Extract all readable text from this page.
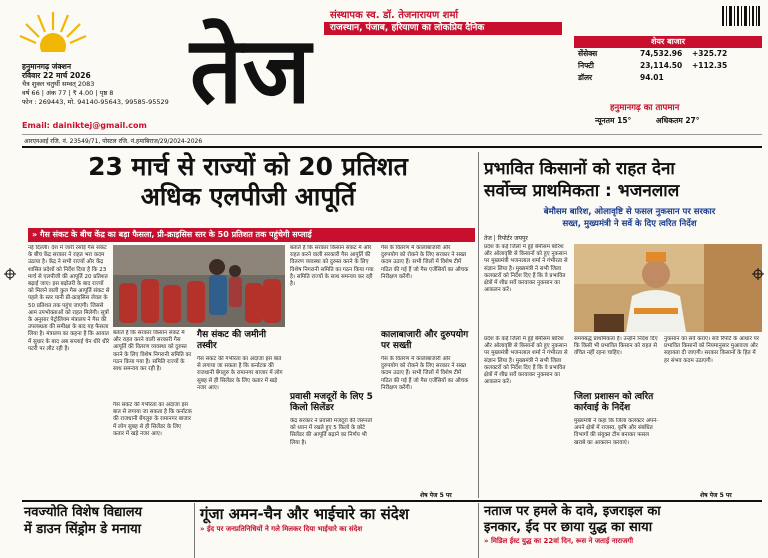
हनुमानगढ़ जंक्शन
रविवार 22 मार्च 2026
चैत्र शुक्ल चतुर्थी सम्वत् 2083
वर्ष 66 | अंक 77 | ₹ 4.00 | पृष्ठ 8
फोन : 269443, मो. 94140-95643, 99585-95529
Email: dainiktej@gmail.com
संस्थापक स्व. डॉ. तेजनारायण शर्मा
राजस्थान, पंजाब, हरियाणा का लोकप्रिय दैनिक
तेज	शेयर बाजार
सेंसेक्स	74,532.96	+325.72
निफ्टी	23,114.50	+112.35
डॉलर	94.01
हनुमानगढ़ का तापमान
न्यूनतम 15°	अधिकतम 27°
आरएनआई रजि. नं. 23549/71, पोस्टल रजि. नं.हमाबिराज/29/2024-2026
23 मार्च से राज्यों को 20 प्रतिशत
अधिक एलपीजी आपूर्ति
» गैस संकट के बीच केंद्र का बड़ा फैसला, प्री-क्राइसिस स्तर के 50 प्रतिशत तक पहुंचेगी सप्लाई

नई दिल्ली। देश में जारी रसोई गैस संकट के बीच केंद्र सरकार ने राहत भरा कदम उठाया है। केंद्र ने सभी राज्यों और केंद्र शासित प्रदेशों को निर्देश दिया है कि 23 मार्च से एलपीजी की आपूर्ति 20 प्रतिशत बढ़ाई जाए। इस बढ़ोतरी के बाद राज्यों को मिलने वाली कुल गैस आपूर्ति संकट से पहले के स्तर यानी प्री-क्राइसिस लेवल के 50 प्रतिशत तक पहुंच जाएगी। जिससे आम उपभोक्ताओं को राहत मिलेगी। सूत्रों के अनुसार पेट्रोलियम मंत्रालय ने गैस की उपलब्धता की समीक्षा के बाद यह फैसला लिया है। मंत्रालय का कहना है कि आयात में सुधार के बाद अब सप्लाई चेन धीरे धीरे पटरी पर लौट रही है।

बताते हैं कि सरकार किसान संकट में और राहत करने वाली सरकारी गैस आपूर्ति की वितरण व्यवस्था को दुरुस्त करने के लिए विशेष निगरानी समिति का गठन किया गया है। समिति राज्यों के साथ समन्वय कर रही है।

गैस संकट की जमीनी तस्वीर

गैस संकट की गंभीरता का अंदाजा इस बात से लगाया जा सकता है कि कर्नाटक की राजधानी बेंगलुरु के रामानगर बाजार में लोग सुबह से ही सिलेंडर के लिए कतार में खड़े नजर आए।

गैस संकट की गंभीरता का अंदाजा इस बात से लगाया जा सकता है कि कर्नाटक की राजधानी बेंगलुरु के रामानगर बाजार में लोग सुबह से ही सिलेंडर के लिए कतार में खड़े नजर आए।

बताते हैं कि सरकार किसान संकट में और राहत करने वाली सरकारी गैस आपूर्ति की वितरण व्यवस्था को दुरुस्त करने के लिए विशेष निगरानी समिति का गठन किया गया है। समिति राज्यों के साथ समन्वय कर रही है।

प्रवासी मजदूरों के लिए 5 किलो सिलेंडर

केंद्र सरकार ने प्रवासी मजदूरों की जरूरतों को ध्यान में रखते हुए 5 किलो के छोटे सिलेंडर की आपूर्ति बढ़ाने का निर्णय भी लिया है।

गैस के वितरण में कालाबाजारी और दुरुपयोग को रोकने के लिए सरकार ने सख्त कदम उठाए हैं। सभी जिलों में विशेष टीमें गठित की गई हैं जो गैस एजेंसियों का औचक निरीक्षण करेंगी।

कालाबाजारी और दुरुपयोग पर सख्ती

गैस के वितरण में कालाबाजारी और दुरुपयोग को रोकने के लिए सरकार ने सख्त कदम उठाए हैं। सभी जिलों में विशेष टीमें गठित की गई हैं जो गैस एजेंसियों का औचक निरीक्षण करेंगी।

शेष पेज 5 पर
प्रभावित किसानों को राहत देना
सर्वोच्च प्राथमिकता : भजनलाल
बेमौसम बारिश, ओलावृष्टि से फसल नुकसान पर सरकार
सख्त, मुख्यमंत्री ने सर्वे के दिए त्वरित निर्देश
तेज | रिपोर्टर जयपुर

प्रदेश के कई जिलों में हुई बेमौसम बारिश और ओलावृष्टि से किसानों को हुए नुकसान पर मुख्यमंत्री भजनलाल शर्मा ने गंभीरता से संज्ञान लिया है। मुख्यमंत्री ने सभी जिला कलक्टरों को निर्देश दिए हैं कि वे प्रभावित क्षेत्रों में शीघ्र सर्वे करवाकर नुकसान का आकलन करें।

समयबद्ध प्राथमिकता है। उन्होंने निर्देश दिए कि किसी भी प्रभावित किसान को राहत से वंचित नहीं रहना चाहिए।

नुकसान का सर्वे कराएं। सर्वे रिपोर्ट के आधार पर प्रभावित किसानों को नियमानुसार मुआवजा और सहायता दी जाएगी। सरकार किसानों के हित में हर संभव कदम उठाएगी।

प्रदेश के कई जिलों में हुई बेमौसम बारिश और ओलावृष्टि से किसानों को हुए नुकसान पर मुख्यमंत्री भजनलाल शर्मा ने गंभीरता से संज्ञान लिया है। मुख्यमंत्री ने सभी जिला कलक्टरों को निर्देश दिए हैं कि वे प्रभावित क्षेत्रों में शीघ्र सर्वे करवाकर नुकसान का आकलन करें।

जिला प्रशासन को त्वरित कार्रवाई के निर्देश

मुख्यमंत्री ने कहा कि जिला कलक्टर अपने-अपने क्षेत्रों में राजस्व, कृषि और संबंधित विभागों की संयुक्त टीम बनाकर फसल खराबे का आकलन करवाएं।

शेष पेज 5 पर
नवज्योति विशेष विद्यालय
में डाउन सिंड्रोम डे मनाया
गूंजा अमन-चैन और भाईचारे का संदेश
» ईद पर जनप्रतिनिधियों ने गले मिलकर दिया भाईचारे का संदेश
नताज पर हमले के दावे, इजराइल का
इनकार, ईद पर छाया युद्ध का साया
» मिडिल ईस्ट युद्ध का 22वां दिन, रूस ने जताई नाराजगी
